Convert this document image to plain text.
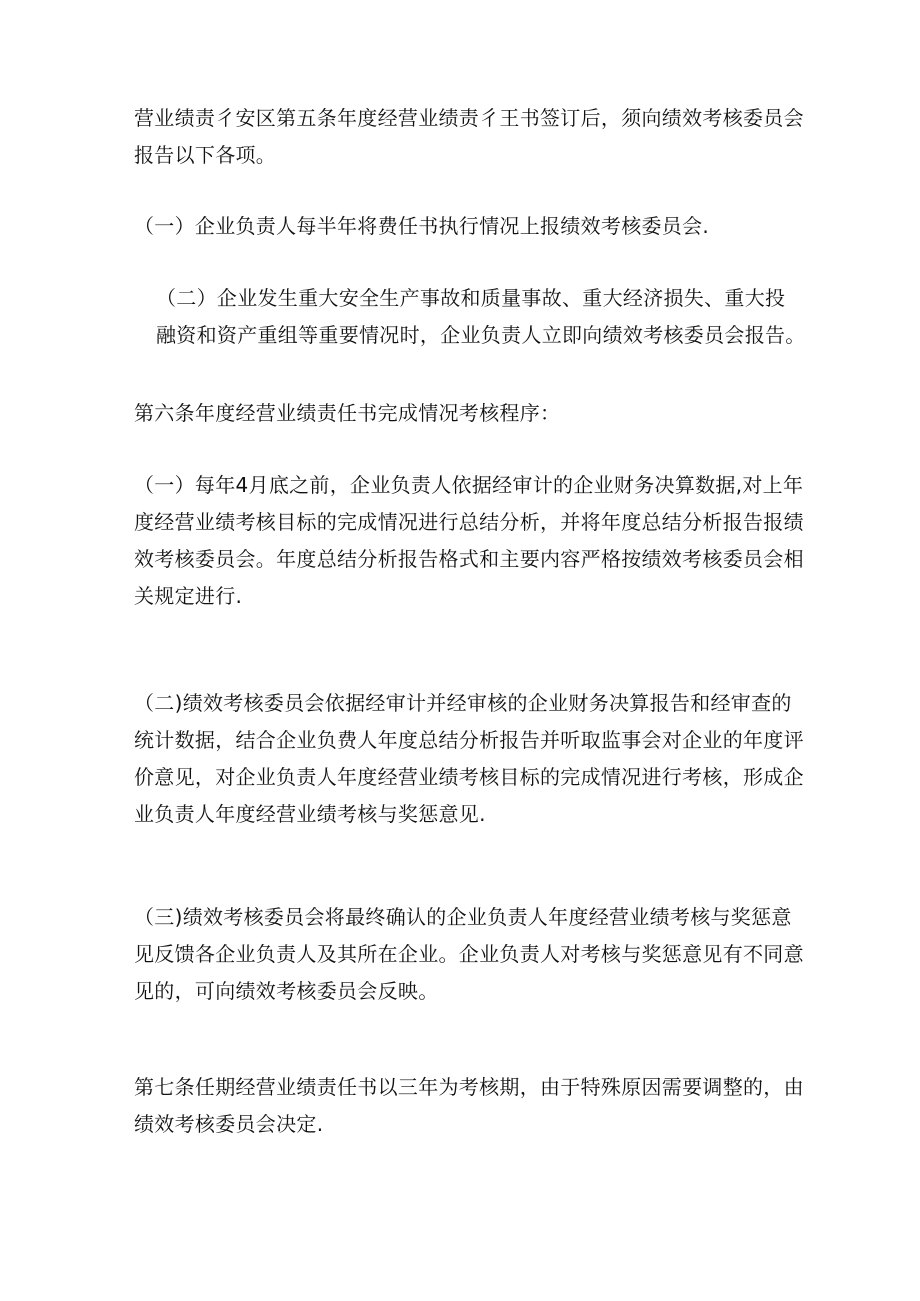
营业绩责彳安区第五条年度经营业绩责彳王书签订后，须向绩效考核委员会
报告以下各项。

（一）企业负责人每半年将费任书执行情况上报绩效考核委员会.

（二）企业发生重大安全生产事故和质量事故、重大经济损失、重大投
融资和资产重组等重要情况时，企业负责人立即向绩效考核委员会报告。

第六条年度经营业绩责任书完成情况考核程序：

（一）每年4月底之前，企业负责人依据经审计的企业财务决算数据,对上年
度经营业绩考核目标的完成情况进行总结分析，并将年度总结分析报告报绩
效考核委员会。年度总结分析报告格式和主要内容严格按绩效考核委员会相
关规定进行.

（二)绩效考核委员会依据经审计并经审核的企业财务决算报告和经审查的
统计数据，结合企业负费人年度总结分析报告并听取监事会对企业的年度评
价意见，对企业负责人年度经营业绩考核目标的完成情况进行考核，形成企
业负责人年度经营业绩考核与奖惩意见.

（三)绩效考核委员会将最终确认的企业负责人年度经营业绩考核与奖惩意
见反馈各企业负责人及其所在企业。企业负责人对考核与奖惩意见有不同意
见的，可向绩效考核委员会反映。

第七条任期经营业绩责任书以三年为考核期，由于特殊原因需要调整的，由
绩效考核委员会决定.
